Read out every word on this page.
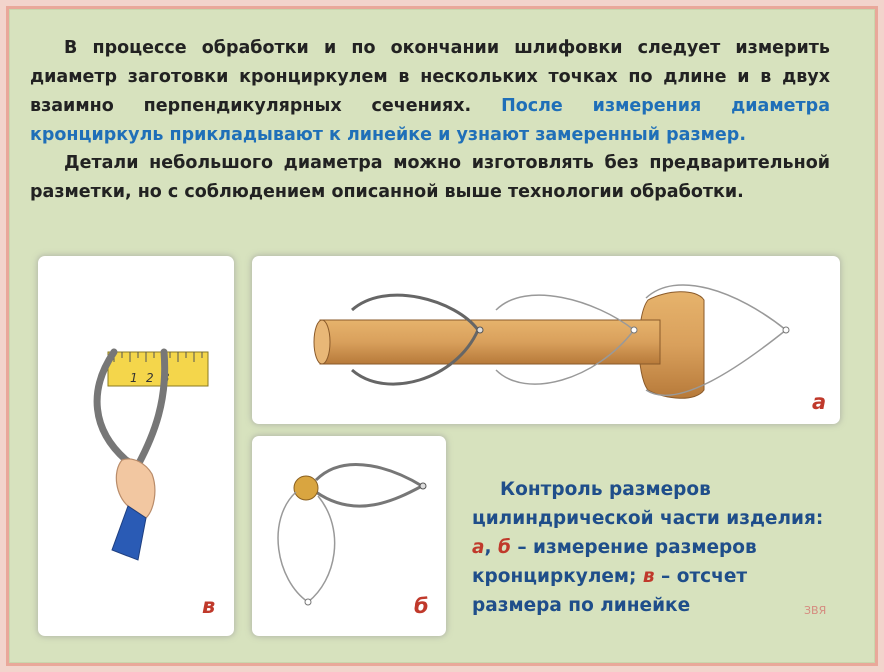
В процессе обработки и по окончании шлифовки следует измерить диаметр заготовки кронциркулем в нескольких точках по длине и в двух взаимно перпендикулярных сечениях. После измерения диаметра кронциркуль прикладывают к линейке и узнают замеренный размер.
Детали небольшого диаметра можно изготовлять без предварительной разметки, но с соблюдением описанной выше технологии обработки.
1 2 3
в
а
б
Контроль размеров
цилиндрической части изделия:
а, б – измерение размеров
кронциркулем; в – отсчет
размера по линейке	ЗВЯ
